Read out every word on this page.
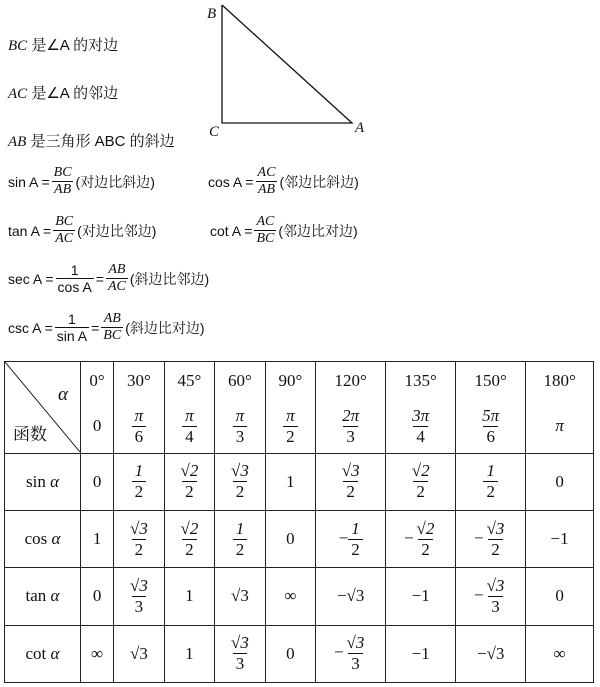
B
C	A
BC 是∠A 的对边
AC 是∠A 的邻边
AB 是三角形 ABC 的斜边
$\sin A = \frac{BC}{AB}$ (对边比斜边)	$\cos A = \frac{AC}{AB}$ (邻边比斜边)
$\tan A = \frac{BC}{AC}$ (对边比邻边)	$\cot A = \frac{AC}{BC}$ (邻边比对边)
$\sec A = \frac{1}{\text{cos A}} = \frac{AB}{AC}$ (斜边比邻边)
$\csc A = \frac{1}{\text{sin A}} = \frac{AB}{BC}$ (斜边比对边)
α
函数	0°	30°	45°	60°	90°	120°	135°	150°	180°
	0	$\frac{\pi}{6}$	$\frac{\pi}{4}$	$\frac{\pi}{3}$	$\frac{\pi}{2}$	$\frac{2\pi}{3}$	$\frac{3\pi}{4}$	$\frac{5\pi}{6}$	π
sin α	0	$\frac{1}{2}$	$\frac{√2}{2}$	$\frac{√3}{2}$	1	$\frac{√3}{2}$	$\frac{√2}{2}$	$\frac{1}{2}$	0
cos α	1	$\frac{√3}{2}$	$\frac{√2}{2}$	$\frac{1}{2}$	0	− $\frac{1}{2}$	− $\frac{√2}{2}$	− $\frac{√3}{2}$	−1
tan α	0	$\frac{√3}{3}$	1	√3	∞	−√3	−1	− $\frac{√3}{3}$	0
cot α	∞	√3	1	$\frac{√3}{3}$	0	− $\frac{√3}{3}$	−1	−√3	∞
